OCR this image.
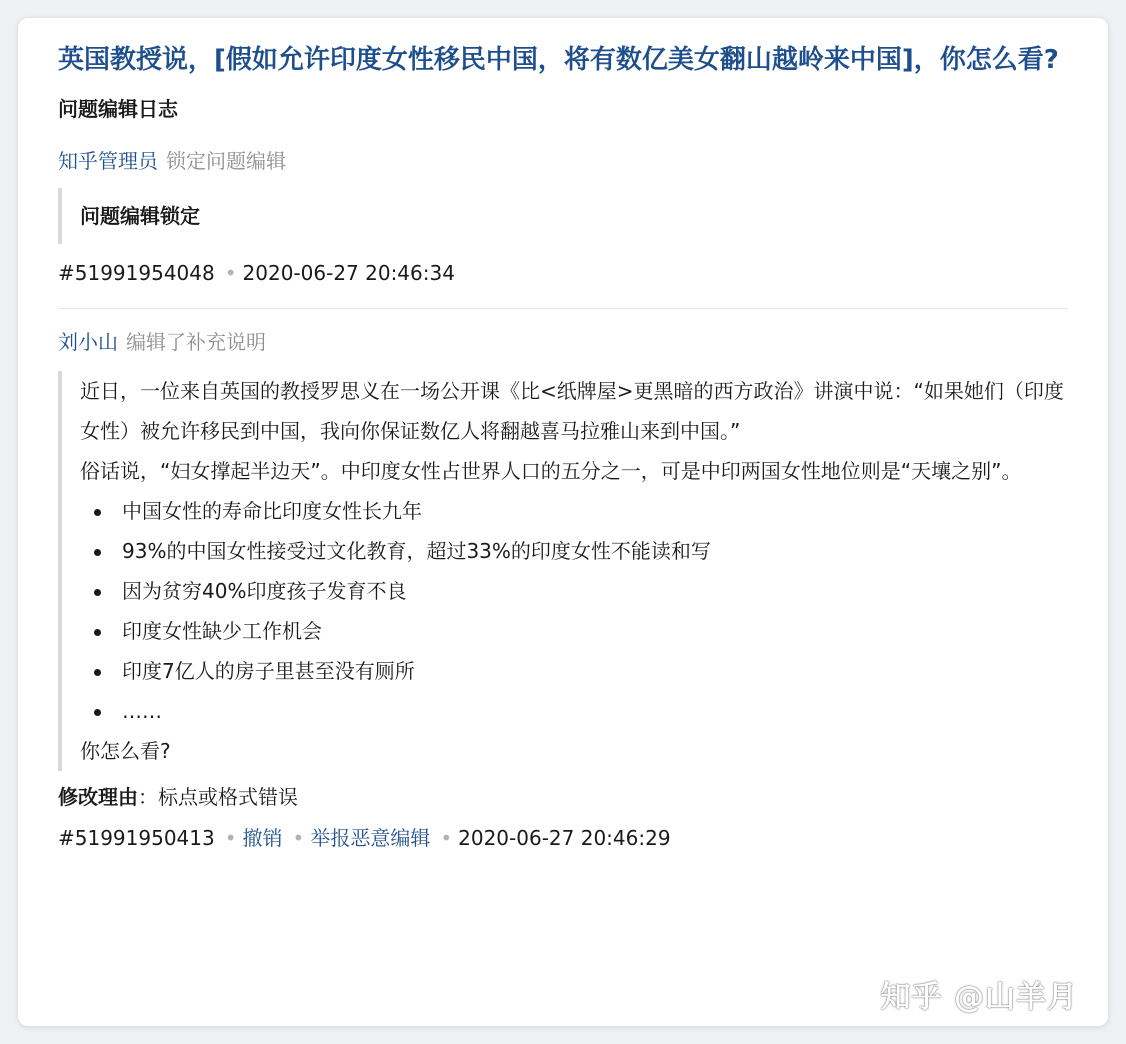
英国教授说，[假如允许印度女性移民中国，将有数亿美女翻山越岭来中国]，你怎么看?
问题编辑日志
知乎管理员 锁定问题编辑
问题编辑锁定
#51991954048 • 2020-06-27 20:46:34
刘小山 编辑了补充说明

近日，一位来自英国的教授罗思义在一场公开课《比<纸牌屋>更黑暗的西方政治》讲演中说：“如果她们（印度女性）被允许移民到中国，我向你保证数亿人将翻越喜马拉雅山来到中国。”

俗话说，“妇女撑起半边天”。中印度女性占世界人口的五分之一，可是中印两国女性地位则是“天壤之别”。

中国女性的寿命比印度女性长九年
93%的中国女性接受过文化教育，超过33%的印度女性不能读和写
因为贫穷40%印度孩子发育不良
印度女性缺少工作机会
印度7亿人的房子里甚至没有厕所
……

你怎么看?

修改理由：标点或格式错误
#51991950413 • 撤销 • 举报恶意编辑 • 2020-06-27 20:46:29
知乎 @山羊月
